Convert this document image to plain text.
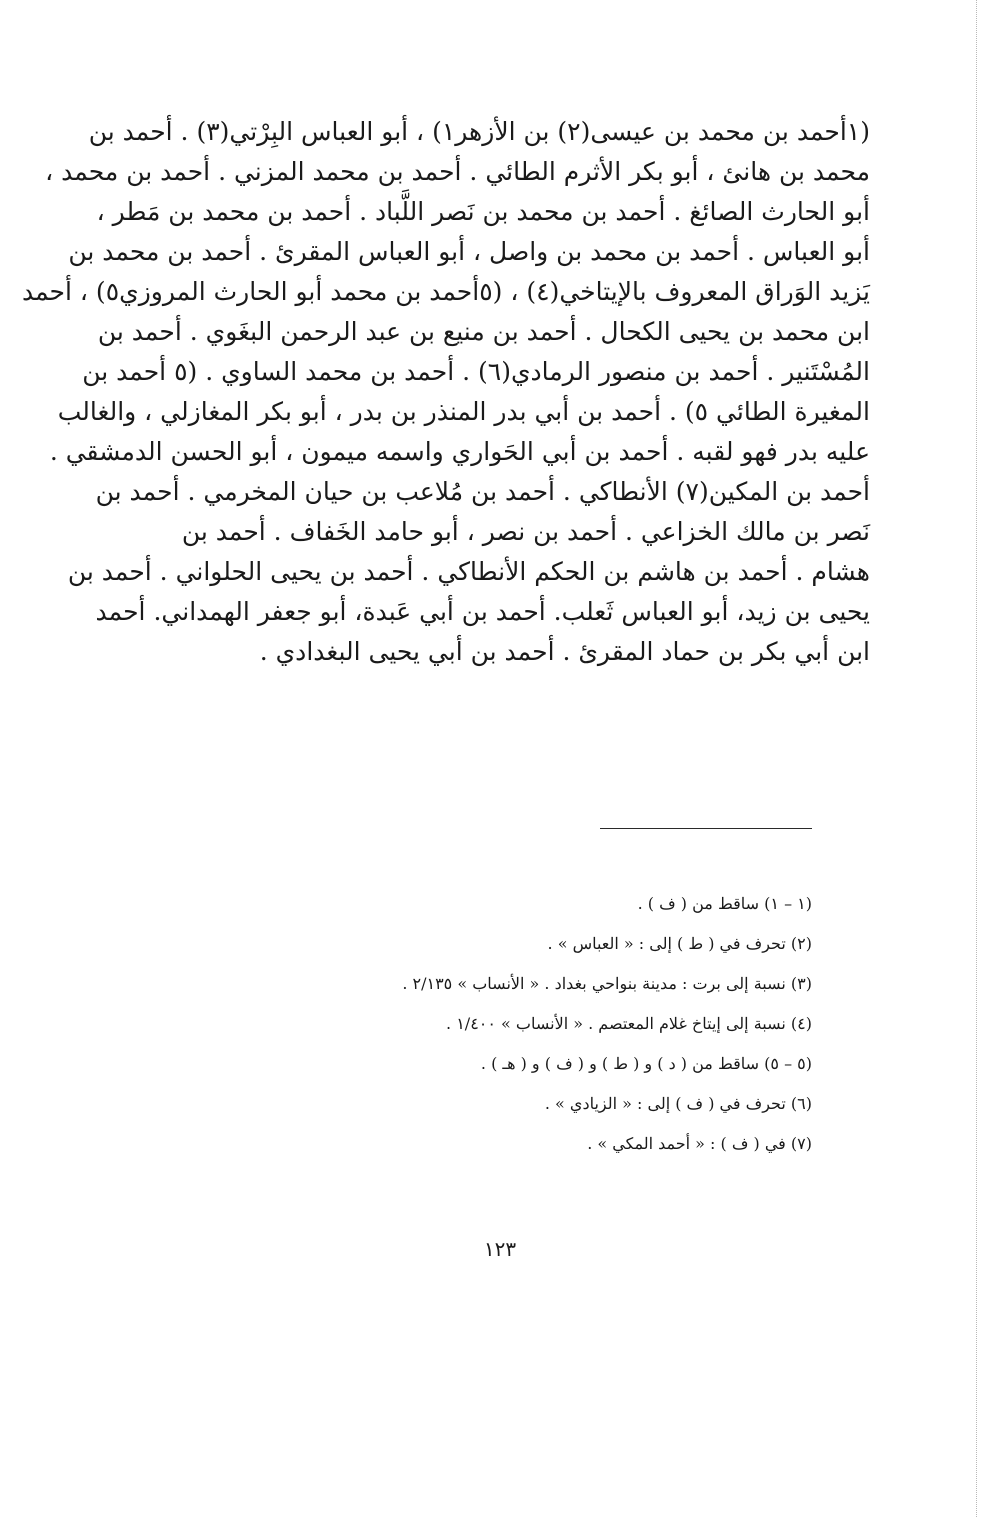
(١أحمد بن محمد بن عيسى(٢) بن الأزهر١) ، أبو العباس البِرْتي(٣) . أحمد بن
محمد بن هانئ ، أبو بكر الأثرم الطائي . أحمد بن محمد المزني . أحمد بن محمد ،
أبو الحارث الصائغ . أحمد بن محمد بن نَصر اللَّباد . أحمد بن محمد بن مَطر ،
أبو العباس . أحمد بن محمد بن واصل ، أبو العباس المقرئ . أحمد بن محمد بن
يَزيد الوَراق المعروف بالإيتاخي(٤) ، (٥أحمد بن محمد أبو الحارث المروزي٥) ، أحمد
ابن محمد بن يحيى الكحال . أحمد بن منيع بن عبد الرحمن البغَوي . أحمد بن
المُسْتَنير . أحمد بن منصور الرمادي(٦) . أحمد بن محمد الساوي . (٥ أحمد بن
المغيرة الطائي ٥) . أحمد بن أبي بدر المنذر بن بدر ، أبو بكر المغازلي ، والغالب
عليه بدر فهو لقبه . أحمد بن أبي الحَواري واسمه ميمون ، أبو الحسن الدمشقي .
أحمد بن المكين(٧) الأنطاكي . أحمد بن مُلاعب بن حيان المخرمي . أحمد بن
نَصر بن مالك الخزاعي . أحمد بن نصر ، أبو حامد الخَفاف . أحمد بن
هشام . أحمد بن هاشم بن الحكم الأنطاكي . أحمد بن يحيى الحلواني . أحمد بن
يحيى بن زيد، أبو العباس ثَعلب. أحمد بن أبي عَبدة، أبو جعفر الهمداني. أحمد
ابن أبي بكر بن حماد المقرئ . أحمد بن أبي يحيى البغدادي .
(١ – ١) ساقط من ( ف ) .
(٢) تحرف في ( ط ) إلى : « العباس » .
(٣) نسبة إلى برت : مدينة بنواحي بغداد . « الأنساب » ٢/١٣٥ .
(٤) نسبة إلى إيتاخ غلام المعتصم . « الأنساب » ١/٤٠٠ .
(٥ – ٥) ساقط من ( د ) و ( ط ) و ( ف ) و ( هـ ) .
(٦) تحرف في ( ف ) إلى : « الزيادي » .
(٧) في ( ف ) : « أحمد المكي » .
١٢٣
